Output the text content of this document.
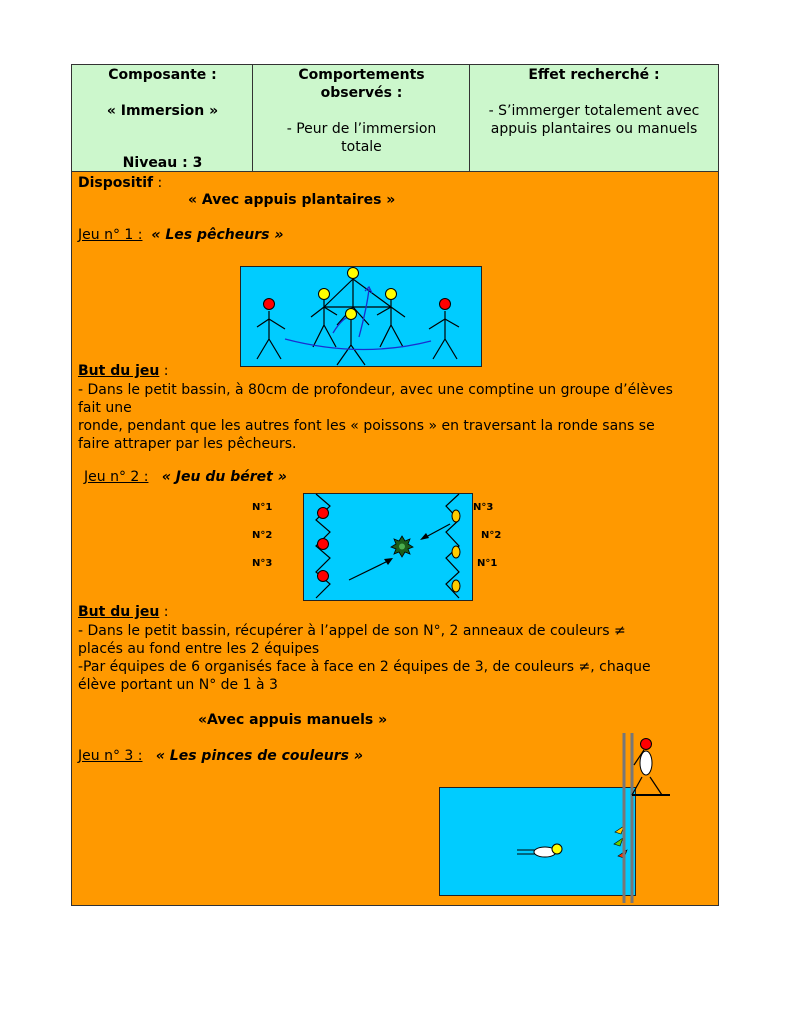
Composante :
« Immersion »
Niveau : 3
Comportements
observés :
- Peur de l’immersion
totale
Effet recherché :
- S’immerger totalement avec
appuis plantaires ou manuels
Dispositif :
« Avec appuis plantaires »
Jeu n° 1 : « Les pêcheurs »
But du jeu :
- Dans le petit bassin, à 80cm de profondeur, avec une comptine un groupe d’élèves
fait une
ronde, pendant que les autres font les « poissons » en traversant la ronde sans se
faire attraper par les pêcheurs.
Jeu n° 2 : « Jeu du béret »
N°1
N°2
N°3
N°3
N°2
N°1
But du jeu :
- Dans le petit bassin, récupérer à l’appel de son N°, 2 anneaux de couleurs ≠
placés au fond entre les 2 équipes
-Par équipes de 6 organisés face à face en 2 équipes de 3, de couleurs ≠, chaque
élève portant un N° de 1 à 3
«Avec appuis manuels »
Jeu n° 3 : « Les pinces de couleurs »
